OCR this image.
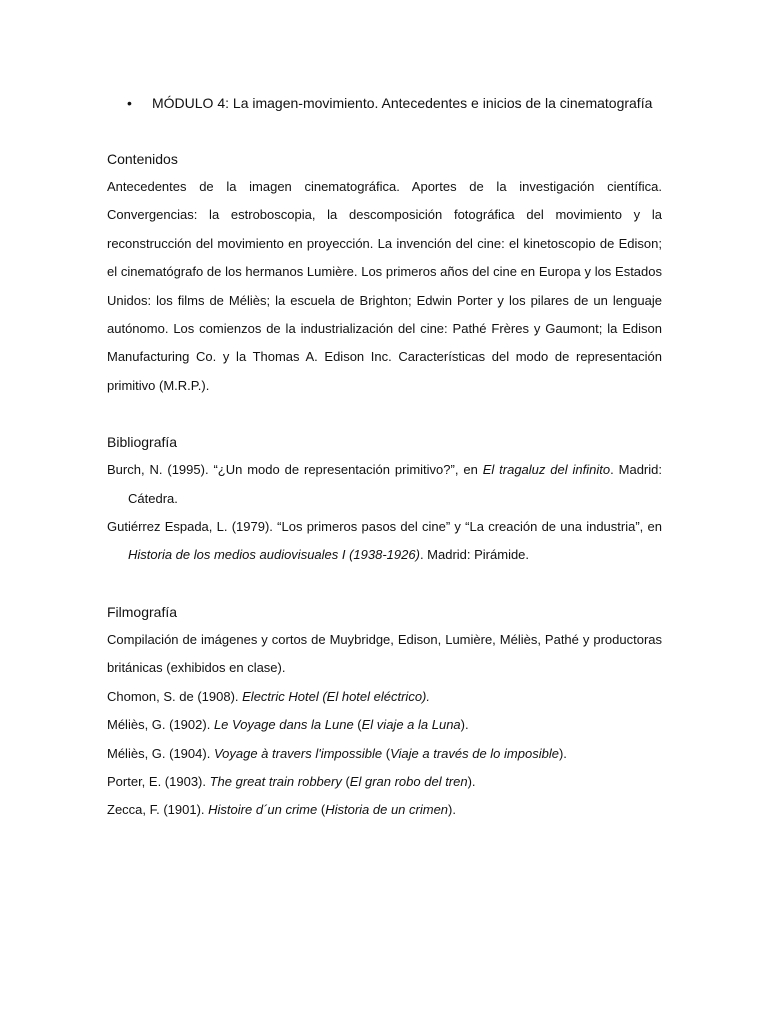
• MÓDULO 4: La imagen-movimiento. Antecedentes e inicios de la cinematografía

Contenidos

Antecedentes de la imagen cinematográfica. Aportes de la investigación científica. Convergencias: la estroboscopia, la descomposición fotográfica del movimiento y la reconstrucción del movimiento en proyección. La invención del cine: el kinetoscopio de Edison; el cinematógrafo de los hermanos Lumière. Los primeros años del cine en Europa y los Estados Unidos: los films de Méliès; la escuela de Brighton; Edwin Porter y los pilares de un lenguaje autónomo. Los comienzos de la industrialización del cine: Pathé Frères y Gaumont; la Edison Manufacturing Co. y la Thomas A. Edison Inc. Características del modo de representación primitivo (M.R.P.).

Bibliografía

Burch, N. (1995). “¿Un modo de representación primitivo?”, en El tragaluz del infinito. Madrid: Cátedra.

Gutiérrez Espada, L. (1979). “Los primeros pasos del cine” y “La creación de una industria”, en Historia de los medios audiovisuales I (1938-1926). Madrid: Pirámide.

Filmografía

Compilación de imágenes y cortos de Muybridge, Edison, Lumière, Méliès, Pathé y productoras británicas (exhibidos en clase).

Chomon, S. de (1908). Electric Hotel (El hotel eléctrico).

Méliès, G. (1902). Le Voyage dans la Lune (El viaje a la Luna).

Méliès, G. (1904). Voyage à travers l'impossible (Viaje a través de lo imposible).

Porter, E. (1903). The great train robbery (El gran robo del tren).

Zecca, F. (1901). Histoire d´un crime (Historia de un crimen).
